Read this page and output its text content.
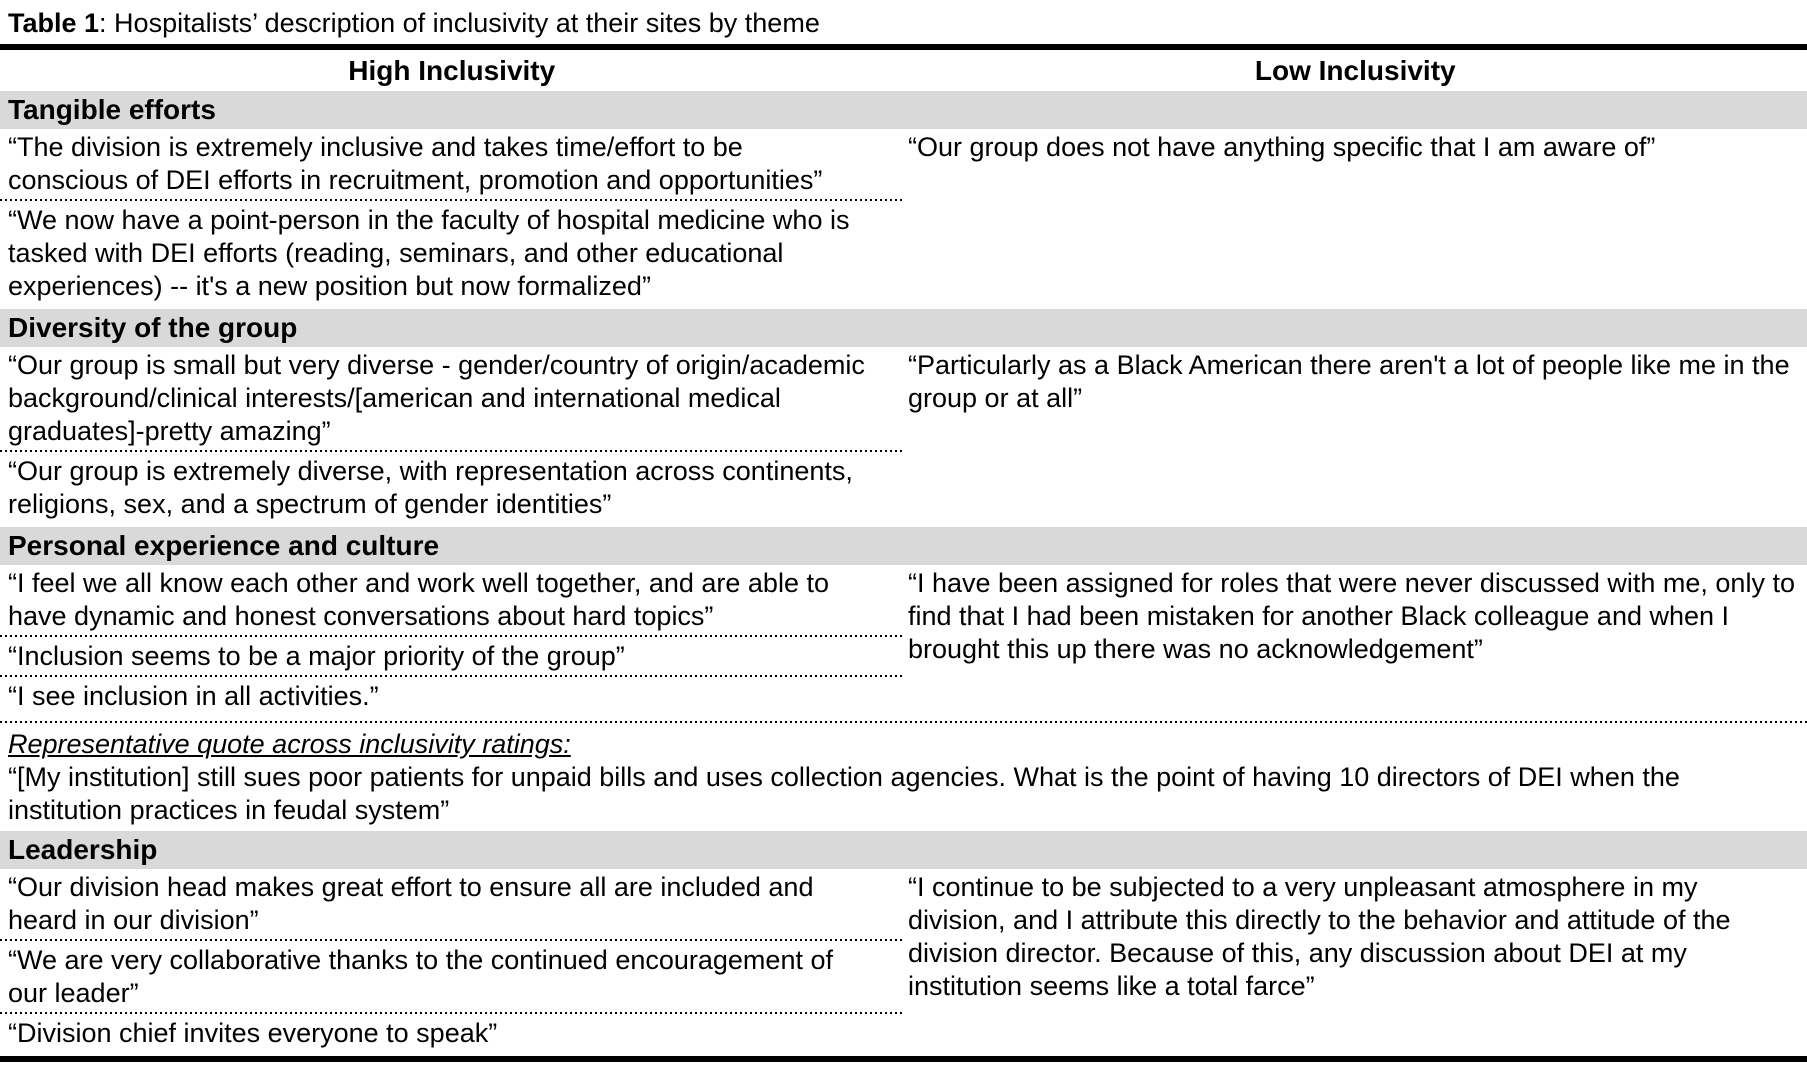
Table 1: Hospitalists’ description of inclusivity at their sites by theme
High Inclusivity	Low Inclusivity
Tangible efforts
“The division is extremely inclusive and takes time/effort to be conscious of DEI efforts in recruitment, promotion and opportunities”
“We now have a point-person in the faculty of hospital medicine who is tasked with DEI efforts (reading, seminars, and other educational experiences) -- it's a new position but now formalized”
“Our group does not have anything specific that I am aware of”
Diversity of the group
“Our group is small but very diverse - gender/country of origin/academic background/clinical interests/[american and international medical graduates]-pretty amazing”
“Our group is extremely diverse, with representation across continents, religions, sex, and a spectrum of gender identities”
“Particularly as a Black American there aren't a lot of people like me in the group or at all”
Personal experience and culture
“I feel we all know each other and work well together, and are able to have dynamic and honest conversations about hard topics”
“Inclusion seems to be a major priority of the group”
“I see inclusion in all activities.”
“I have been assigned for roles that were never discussed with me, only to find that I had been mistaken for another Black colleague and when I brought this up there was no acknowledgement”
Representative quote across inclusivity ratings:
“[My institution] still sues poor patients for unpaid bills and uses collection agencies. What is the point of having 10 directors of DEI when the institution practices in feudal system”
Leadership
“Our division head makes great effort to ensure all are included and heard in our division”
“We are very collaborative thanks to the continued encouragement of our leader”
“Division chief invites everyone to speak”
“I continue to be subjected to a very unpleasant atmosphere in my division, and I attribute this directly to the behavior and attitude of the division director. Because of this, any discussion about DEI at my institution seems like a total farce”
